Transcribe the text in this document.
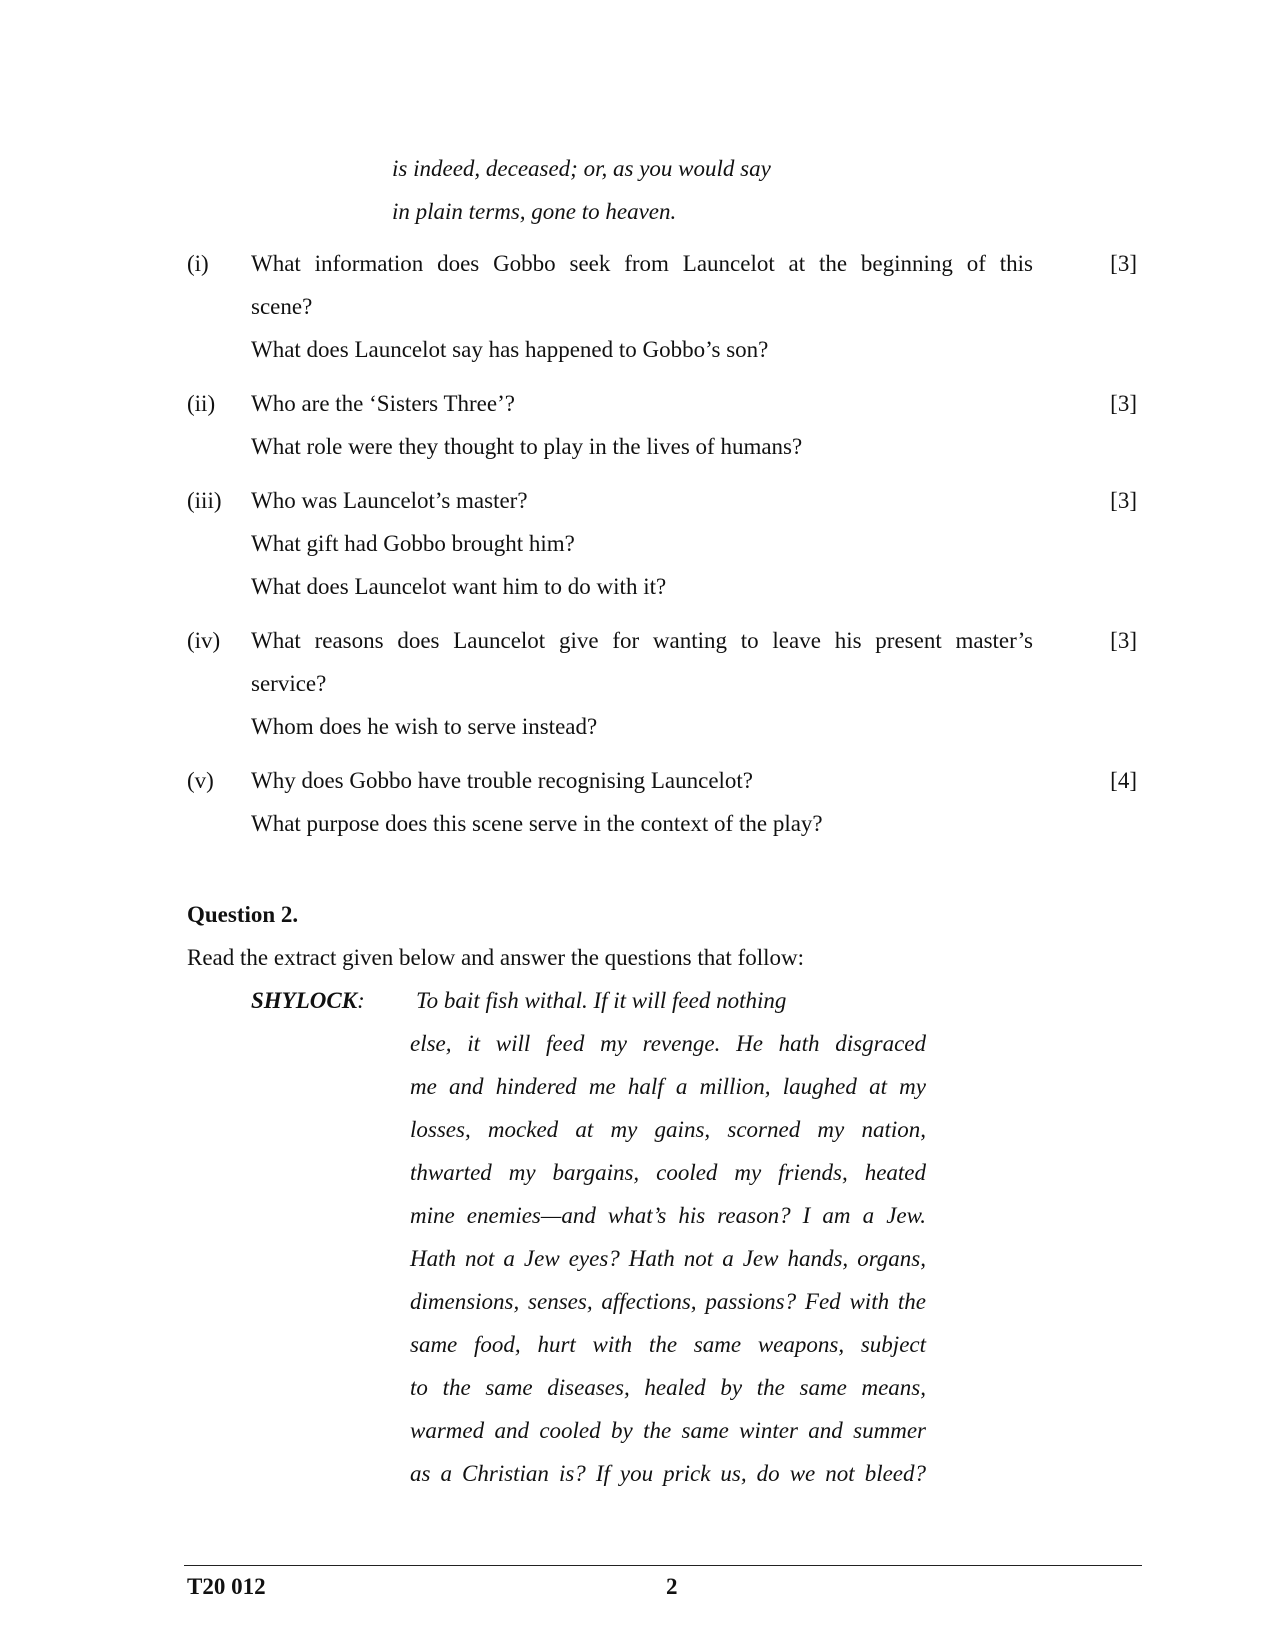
is indeed, deceased; or, as you would say
in plain terms, gone to heaven.
(i)	What information does Gobbo seek from Launcelot at the beginning of this
scene?
What does Launcelot say has happened to Gobbo’s son?
[3]
(ii)	Who are the ‘Sisters Three’?
What role were they thought to play in the lives of humans?
[3]
(iii)	Who was Launcelot’s master?
What gift had Gobbo brought him?
What does Launcelot want him to do with it?
[3]
(iv)	What reasons does Launcelot give for wanting to leave his present master’s
service?
Whom does he wish to serve instead?
[3]
(v)	Why does Gobbo have trouble recognising Launcelot?
What purpose does this scene serve in the context of the play?
[4]
Question 2.
Read the extract given below and answer the questions that follow:
SHYLOCK: To bait fish withal. If it will feed nothing
else, it will feed my revenge. He hath disgraced
me and hindered me half a million, laughed at my
losses, mocked at my gains, scorned my nation,
thwarted my bargains, cooled my friends, heated
mine enemies—and what’s his reason? I am a Jew.
Hath not a Jew eyes? Hath not a Jew hands, organs,
dimensions, senses, affections, passions? Fed with the
same food, hurt with the same weapons, subject
to the same diseases, healed by the same means,
warmed and cooled by the same winter and summer
as a Christian is? If you prick us, do we not bleed?
T20 012	2
